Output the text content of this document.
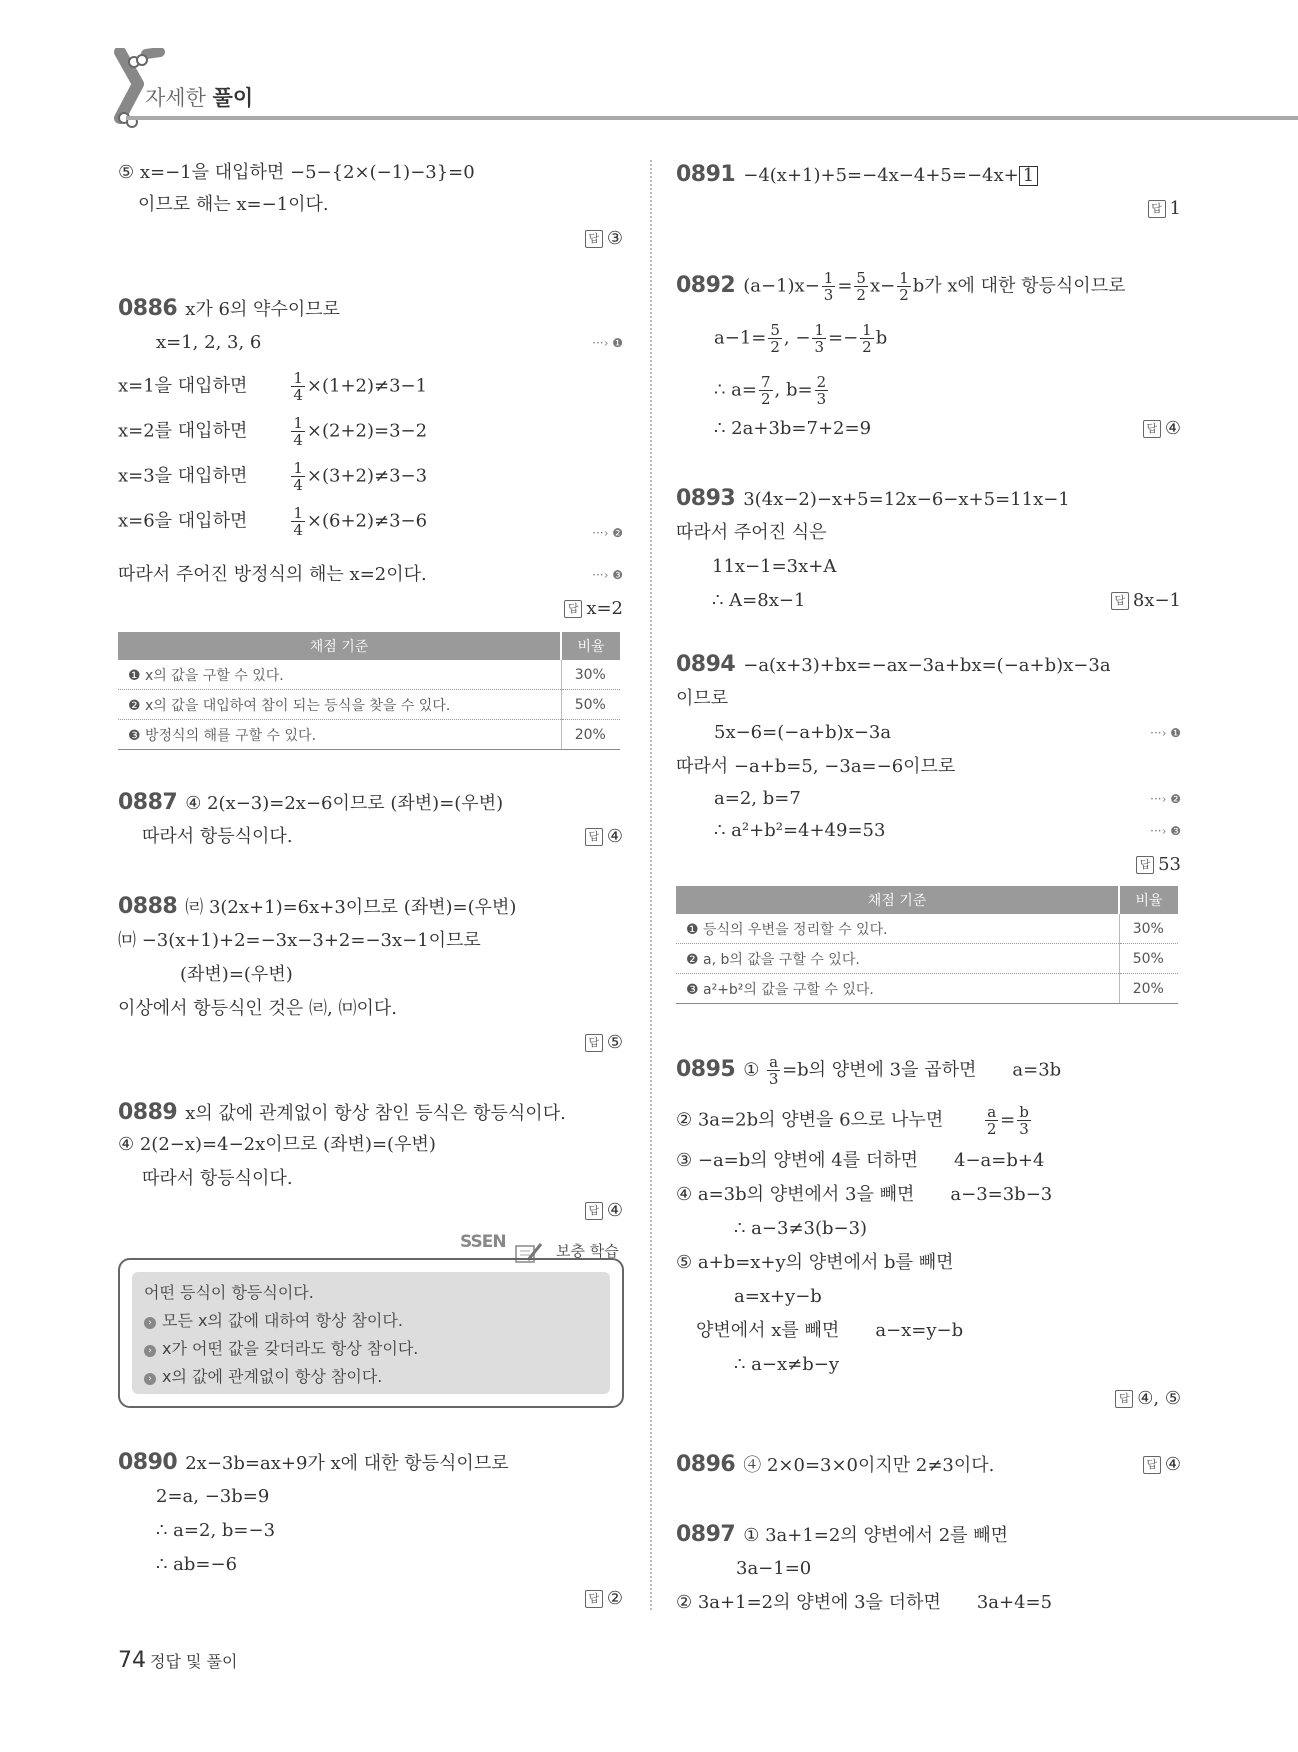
자세한 풀이
⑤ x=−1을 대입하면 −5−{2×(−1)−3}=0
이므로 해는 x=−1이다.
답 ③
0886 x가 6의 약수이므로
x=1, 2, 3, 6	···› ❶
x=1을 대입하면	$\frac{1}{4} \times(1+2)\ne 3-1$
x=2를 대입하면	$\frac{1}{4} \times(2+2)=3-2$
x=3을 대입하면	$\frac{1}{4} \times(3+2)\ne 3-3$
x=6을 대입하면	$\frac{1}{4} \times(6+2)\ne 3-6$
···› ❷
따라서 주어진 방정식의 해는 x=2이다.	···› ❸
답 x=2
채점 기준	비율
❶ x의 값을 구할 수 있다.	30%
❷ x의 값을 대입하여 참이 되는 등식을 찾을 수 있다.	50%
❸ 방정식의 해를 구할 수 있다.	20%
0887 ④ 2(x−3)=2x−6이므로 (좌변)=(우변)
따라서 항등식이다.	답 ④
0888 ㈃ 3(2x+1)=6x+3이므로 (좌변)=(우변)
㈄ −3(x+1)+2=−3x−3+2=−3x−1이므로
(좌변)=(우변)
이상에서 항등식인 것은 ㈃, ㈄이다.
답 ⑤
0889 x의 값에 관계없이 항상 참인 등식은 항등식이다.
④ 2(2−x)=4−2x이므로 (좌변)=(우변)
따라서 항등식이다.
답 ④
SSEN	보충 학습
어떤 등식이 항등식이다.
› 모든 x의 값에 대하여 항상 참이다.
› x가 어떤 값을 갖더라도 항상 참이다.
› x의 값에 관계없이 항상 참이다.
0890 2x−3b=ax+9가 x에 대한 항등식이므로
2=a, −3b=9
∴ a=2, b=−3
∴ ab=−6
답 ②
0891 −4(x+1)+5=−4x−4+5=−4x+ 1
답 1
0892 $(a-1)x- \frac{1}{3} = \frac{5}{2} x- \frac{1}{2}$ b가 x에 대한 항등식이므로
$a-1= \frac{5}{2}$ , − $\frac{1}{3} =- \frac{1}{2}$ b
∴ $a= \frac{7}{2}$ , $b= \frac{2}{3}$
∴ 2a+3b=7+2=9	답 ④
0893 3(4x−2)−x+5=12x−6−x+5=11x−1
따라서 주어진 식은
11x−1=3x+A
∴ A=8x−1	답 8x−1
0894 −a(x+3)+bx=−ax−3a+bx=(−a+b)x−3a
이므로
5x−6=(−a+b)x−3a	···› ❶
따라서 −a+b=5, −3a=−6이므로
a=2, b=7	···› ❷
∴ a²+b²=4+49=53	···› ❸
답 53
채점 기준	비율
❶ 등식의 우변을 정리할 수 있다.	30%
❷ a, b의 값을 구할 수 있다.	50%
❸ a²+b²의 값을 구할 수 있다.	20%
0895 ① $\frac{a}{3} =b$의 양변에 3을 곱하면 a=3b
② 3a=2b의 양변을 6으로 나누면	$\frac{a}{2} = \frac{b}{3}$
③ −a=b의 양변에 4를 더하면 4−a=b+4
④ a=3b의 양변에서 3을 빼면 a−3=3b−3
∴ a−3≠3(b−3)
⑤ a+b=x+y의 양변에서 b를 빼면
a=x+y−b
양변에서 x를 빼면 a−x=y−b
∴ a−x≠b−y
답 ④, ⑤
0896 ④ 2×0=3×0이지만 2≠3이다.	답 ④
0897 ① 3a+1=2의 양변에서 2를 빼면
3a−1=0
② 3a+1=2의 양변에 3을 더하면 3a+4=5
74 정답 및 풀이
